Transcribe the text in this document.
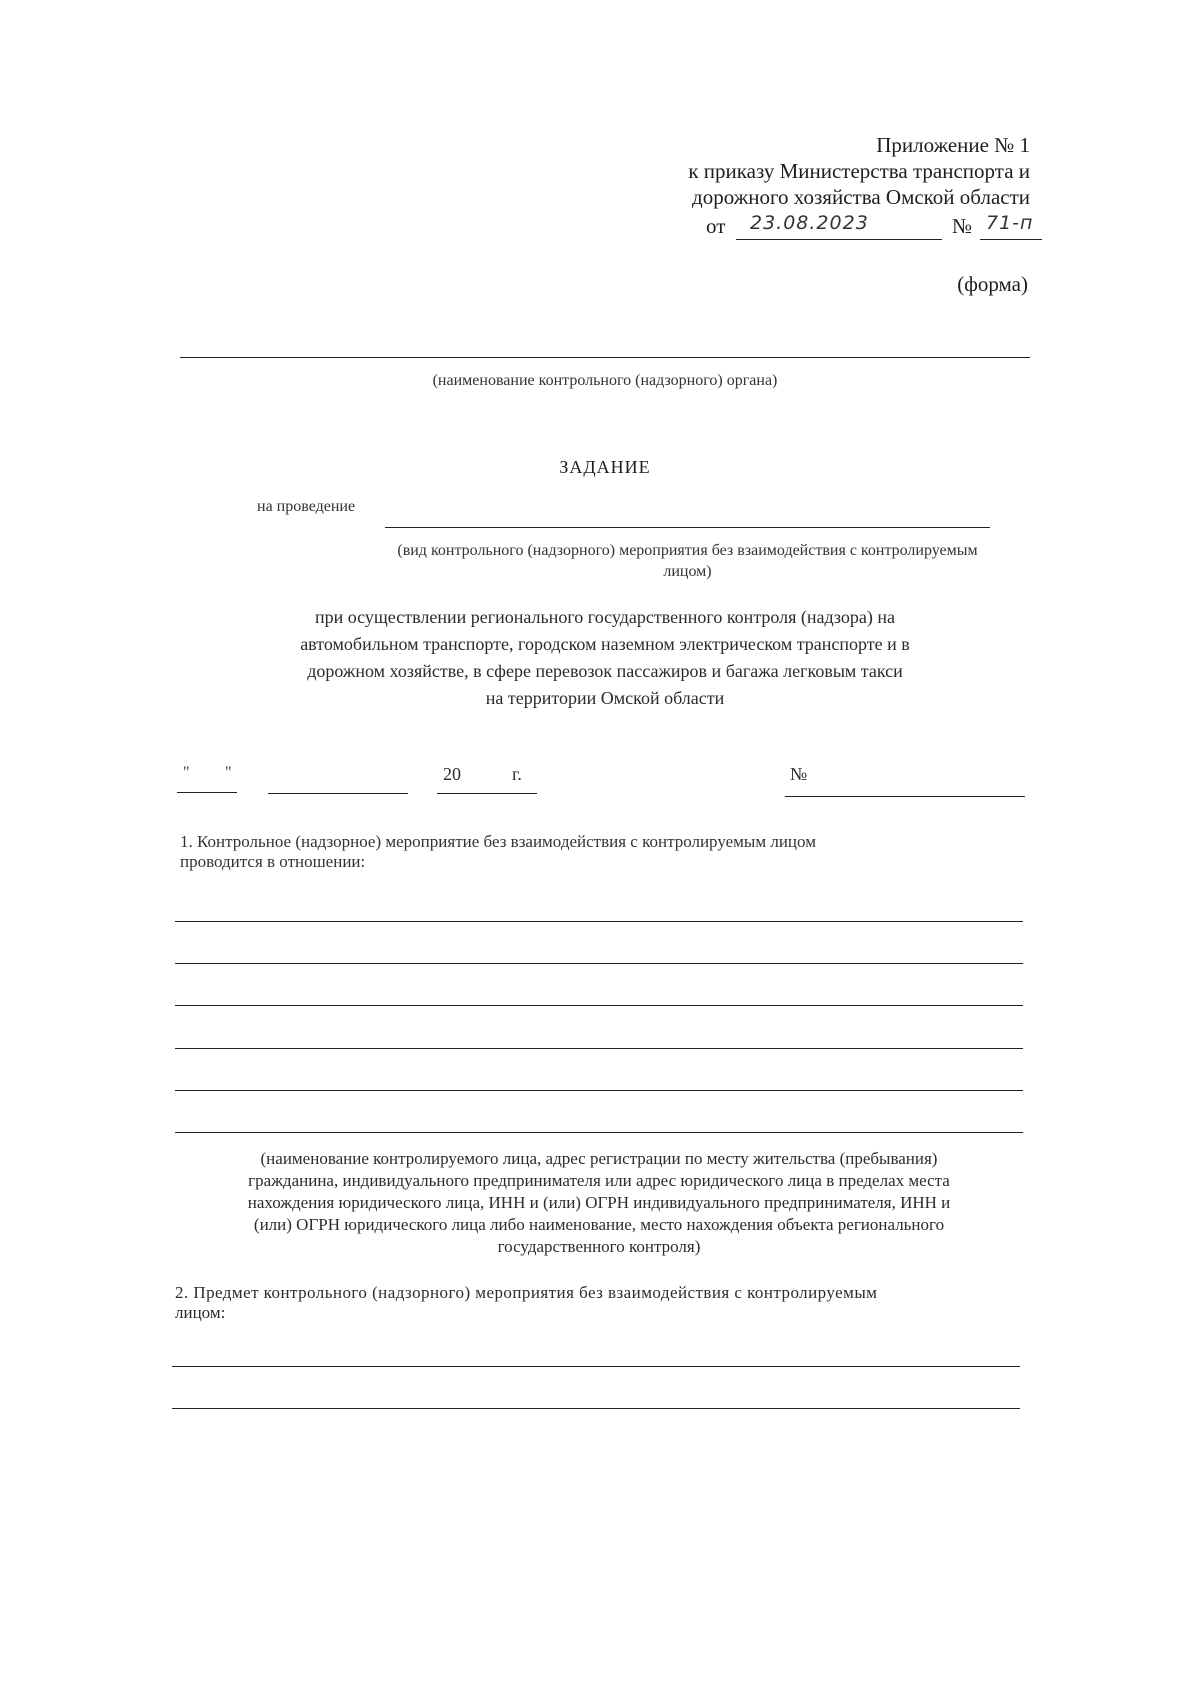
Приложение № 1
к приказу Министерства транспорта и
дорожного хозяйства Омской области
от 23.08.2023	№ 71-п
(форма)
(наименование контрольного (надзорного) органа)
ЗАДАНИЕ
на проведение
(вид контрольного (надзорного) мероприятия без взаимодействия с контролируемым лицом)

при осуществлении регионального государственного контроля (надзора) на

автомобильном транспорте, городском наземном электрическом транспорте и в

дорожном хозяйстве, в сфере перевозок пассажиров и багажа легковым такси

на территории Омской области

" "	20	г.	№

1. Контрольное (надзорное) мероприятие без взаимодействия с контролируемым лицом

проводится в отношении:

(наименование контролируемого лица, адрес регистрации по месту жительства (пребывания)

гражданина, индивидуального предпринимателя или адрес юридического лица в пределах места

нахождения юридического лица, ИНН и (или) ОГРН индивидуального предпринимателя, ИНН и

(или) ОГРН юридического лица либо наименование, место нахождения объекта регионального

государственного контроля)

2. Предмет контрольного (надзорного) мероприятия без взаимодействия с контролируемым

лицом:
